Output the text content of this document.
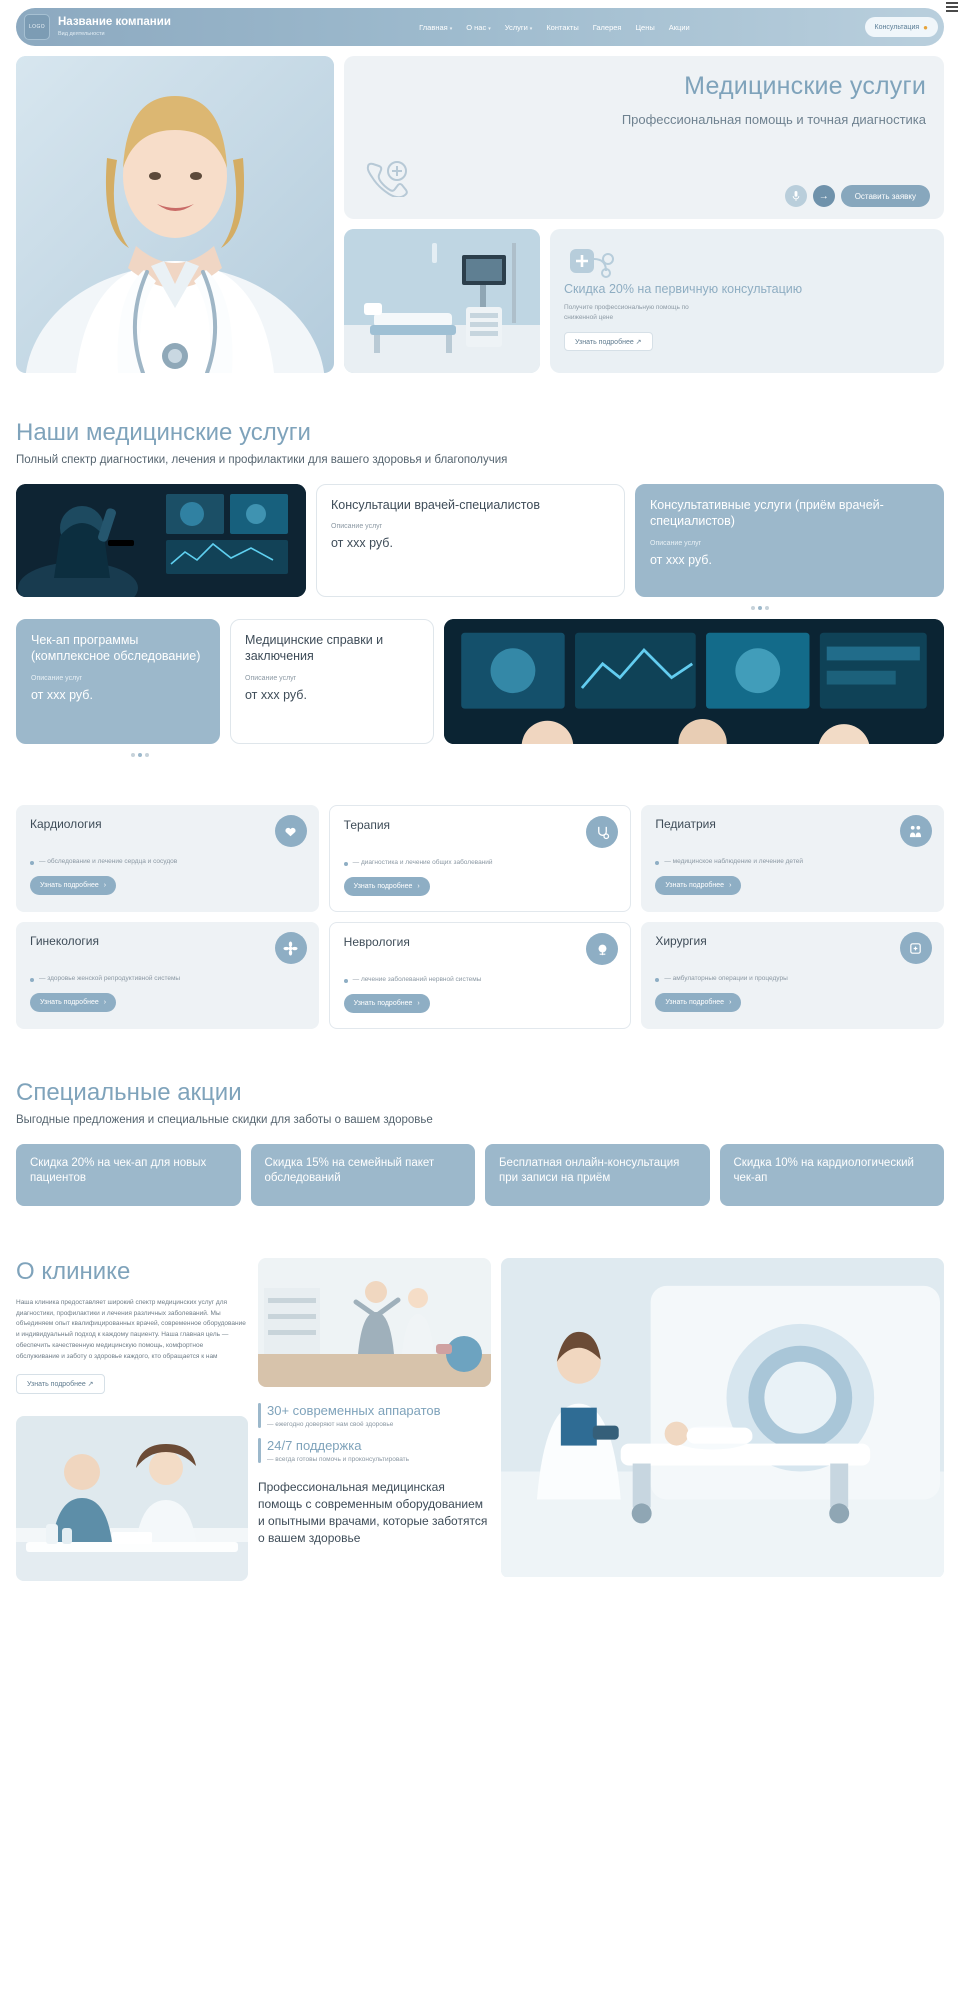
LOGO	Название компании
Вид деятельности
Главная ▾ О нас ▾ Услуги ▾ Контакты Галерея Цены Акции	Консультация ●
Медицинские услуги
Профессиональная помощь и точная диагностика
→	Оставить заявку
Скидка 20% на первичную консультацию
Получите профессиональную помощь по сниженной цене
Узнать подробнее ↗
Наши медицинские услуги
Полный спектр диагностики, лечения и профилактики для вашего здоровья и благополучия
Консультации врачей-специалистов
Описание услуг
от ххх руб.
Консультативные услуги (приём врачей-специалистов)
Описание услуг
от ххх руб.
Чек-ап программы (комплексное обследование)
Описание услуг
от ххх руб.
Медицинские справки и заключения
Описание услуг
от ххх руб.
Кардиология
— обследование и лечение сердца и сосудов
Узнать подробнее ›
Терапия
— диагностика и лечение общих заболеваний
Узнать подробнее ›
Педиатрия
— медицинское наблюдение и лечение детей
Узнать подробнее ›
Гинекология
— здоровье женской репродуктивной системы
Узнать подробнее ›
Неврология
— лечение заболеваний нервной системы
Узнать подробнее ›
Хирургия
— амбулаторные операции и процедуры
Узнать подробнее ›
Специальные акции
Выгодные предложения и специальные скидки для заботы о вашем здоровье
Скидка 20% на чек-ап для новых пациентов
Скидка 15% на семейный пакет обследований
Бесплатная онлайн-консультация при записи на приём
Скидка 10% на кардиологический чек-ап
О клинике
Наша клиника предоставляет широкий спектр медицинских услуг для диагностики, профилактики и лечения различных заболеваний. Мы объединяем опыт квалифицированных врачей, современное оборудование и индивидуальный подход к каждому пациенту. Наша главная цель — обеспечить качественную медицинскую помощь, комфортное обслуживание и заботу о здоровье каждого, кто обращается к нам
Узнать подробнее ↗
30+ современных аппаратов
— ежегодно доверяют нам своё здоровье
24/7 поддержка
— всегда готовы помочь и проконсультировать
Профессиональная медицинская помощь с современным оборудованием и опытными врачами, которые заботятся о вашем здоровье
